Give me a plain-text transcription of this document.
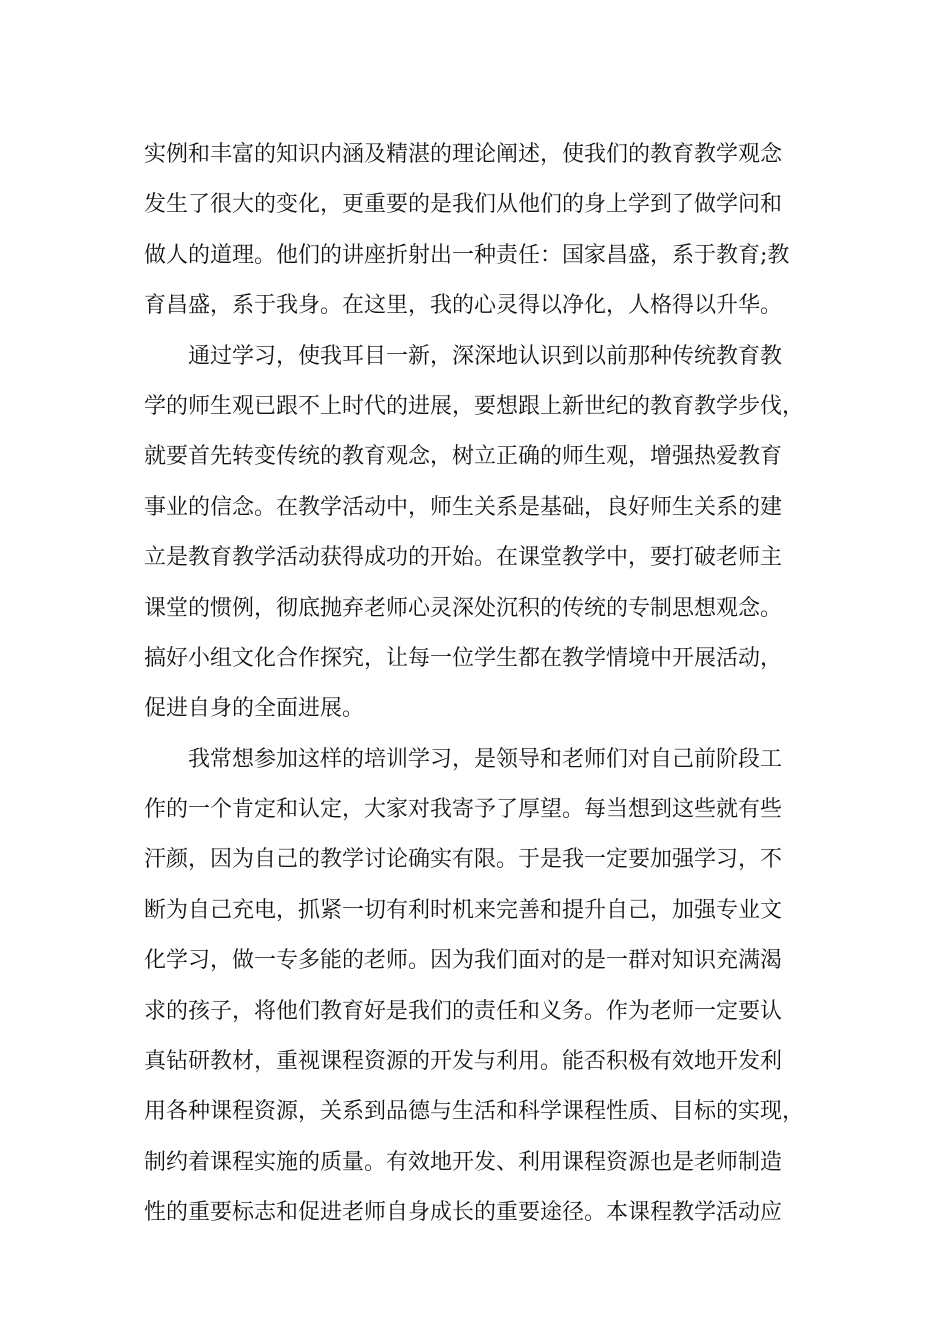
实例和丰富的知识内涵及精湛的理论阐述，使我们的教育教学观念
发生了很大的变化，更重要的是我们从他们的身上学到了做学问和
做人的道理。他们的讲座折射出一种责任：国家昌盛，系于教育;教
育昌盛，系于我身。在这里，我的心灵得以净化，人格得以升华。
通过学习，使我耳目一新，深深地认识到以前那种传统教育教
学的师生观已跟不上时代的进展，要想跟上新世纪的教育教学步伐，
就要首先转变传统的教育观念，树立正确的师生观，增强热爱教育
事业的信念。在教学活动中，师生关系是基础，良好师生关系的建
立是教育教学活动获得成功的开始。在课堂教学中，要打破老师主
课堂的惯例，彻底抛弃老师心灵深处沉积的传统的专制思想观念。
搞好小组文化合作探究，让每一位学生都在教学情境中开展活动，
促进自身的全面进展。
我常想参加这样的培训学习，是领导和老师们对自己前阶段工
作的一个肯定和认定，大家对我寄予了厚望。每当想到这些就有些
汗颜，因为自己的教学讨论确实有限。于是我一定要加强学习，不
断为自己充电，抓紧一切有利时机来完善和提升自己，加强专业文
化学习，做一专多能的老师。因为我们面对的是一群对知识充满渴
求的孩子，将他们教育好是我们的责任和义务。作为老师一定要认
真钻研教材，重视课程资源的开发与利用。能否积极有效地开发利
用各种课程资源，关系到品德与生活和科学课程性质、目标的实现，
制约着课程实施的质量。有效地开发、利用课程资源也是老师制造
性的重要标志和促进老师自身成长的重要途径。本课程教学活动应
